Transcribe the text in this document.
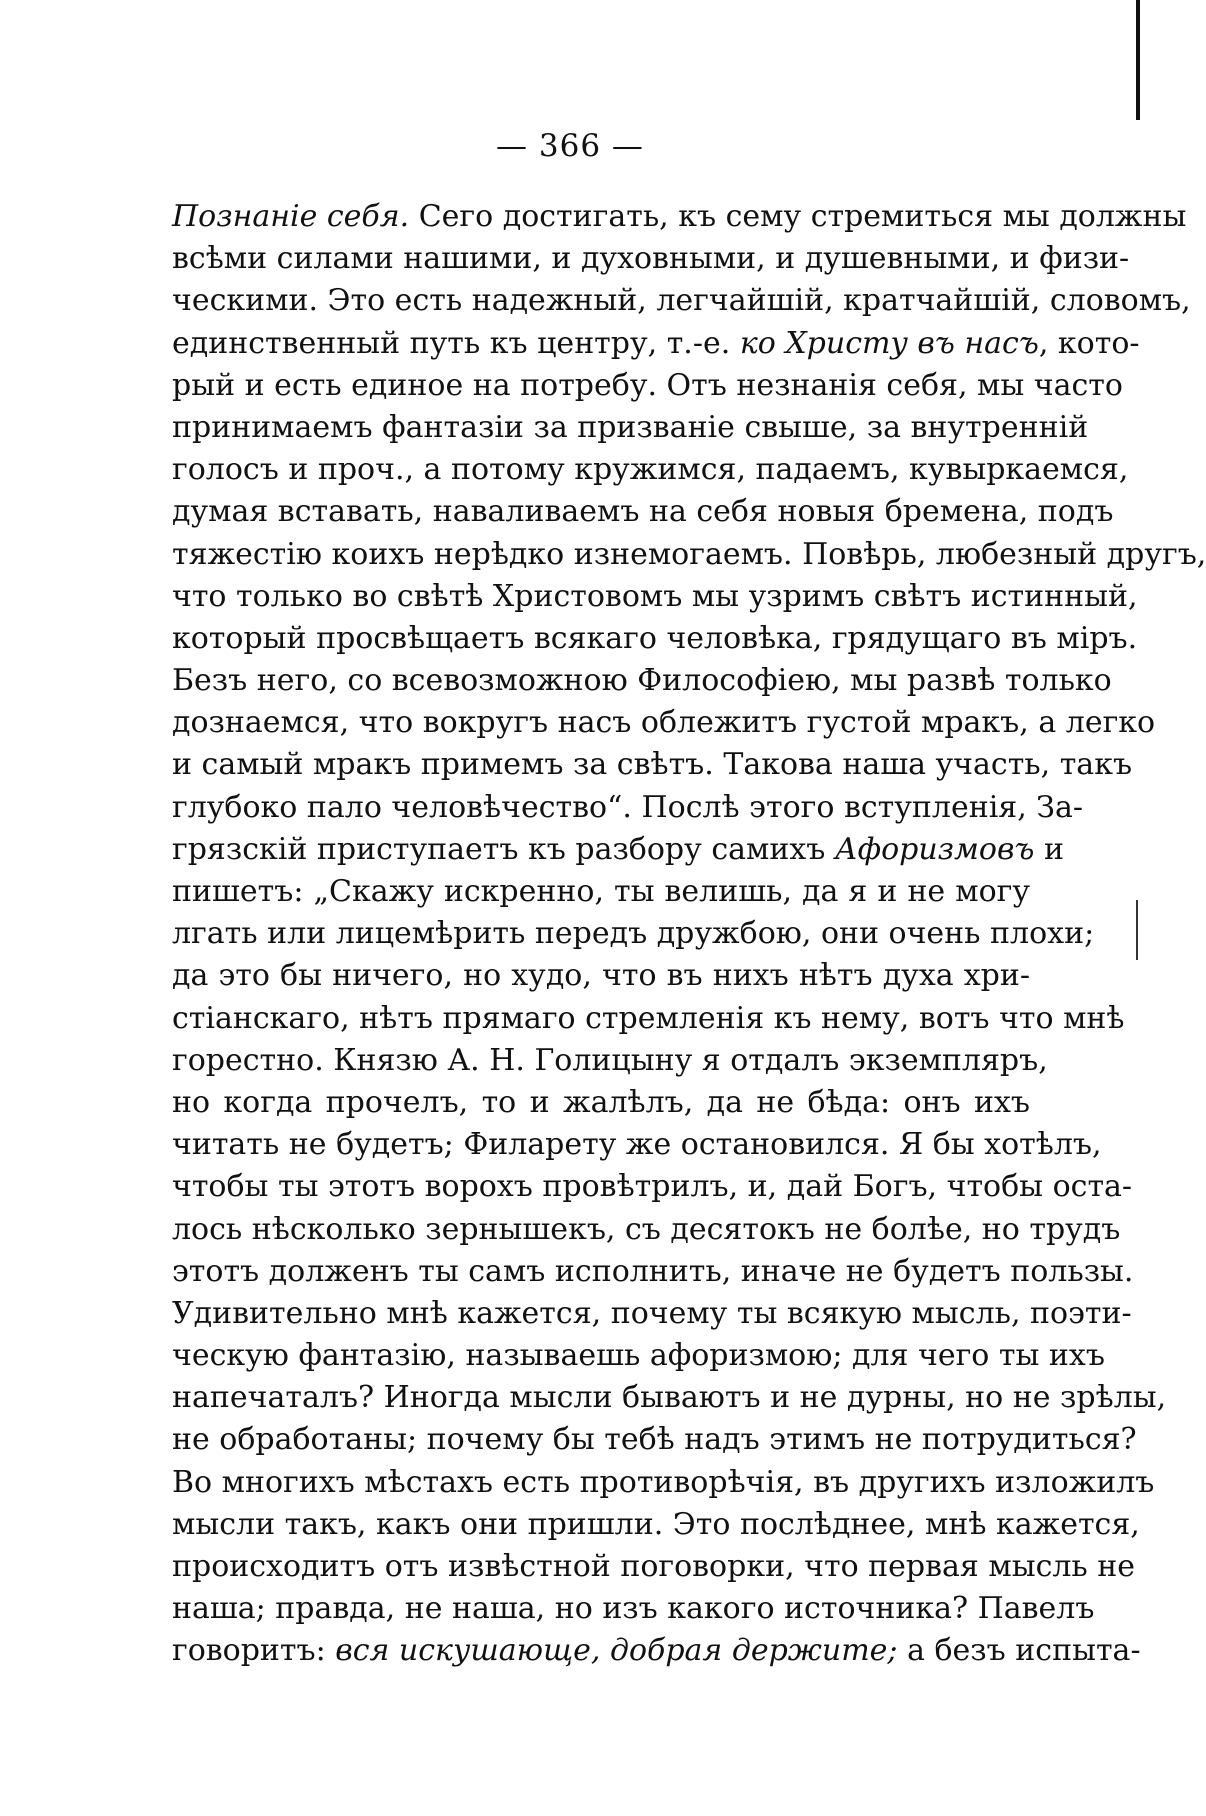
— 366 —
Познаніе себя. Сего достигать, къ сему стремиться мы должны
всѣми силами нашими, и духовными, и душевными, и физи-
ческими. Это есть надежный, легчайшій, кратчайшій, словомъ,
единственный путь къ центру, т.-е. ко Христу въ насъ, кото-
рый и есть единое на потребу. Отъ незнанія себя, мы часто
принимаемъ фантазіи за призваніе свыше, за внутренній
голосъ и проч., а потому кружимся, падаемъ, кувыркаемся,
думая вставать, наваливаемъ на себя новыя бремена, подъ
тяжестію коихъ нерѣдко изнемогаемъ. Повѣрь, любезный другъ,
что только во свѣтѣ Христовомъ мы узримъ свѣтъ истинный,
который просвѣщаетъ всякаго человѣка, грядущаго въ міръ.
Безъ него, со всевозможною Философіею, мы развѣ только
дознаемся, что вокругъ насъ облежитъ густой мракъ, а легко
и самый мракъ примемъ за свѣтъ. Такова наша участь, такъ
глубоко пало человѣчество“. Послѣ этого вступленія, За-
грязскій приступаетъ къ разбору самихъ Афоризмовъ и
пишетъ: „Скажу искренно, ты велишь, да я и не могу
лгать или лицемѣрить передъ дружбою, они очень плохи;
да это бы ничего, но худо, что въ нихъ нѣтъ духа хри-
стіанскаго, нѣтъ прямаго стремленія къ нему, вотъ что мнѣ
горестно. Князю А. Н. Голицыну я отдалъ экземпляръ,
но когда прочелъ, то и жалѣлъ, да не бѣда: онъ ихъ
читать не будетъ; Филарету же остановился. Я бы хотѣлъ,
чтобы ты этотъ ворохъ провѣтрилъ, и, дай Богъ, чтобы оста-
лось нѣсколько зернышекъ, съ десятокъ не болѣе, но трудъ
этотъ долженъ ты самъ исполнить, иначе не будетъ пользы.
Удивительно мнѣ кажется, почему ты всякую мысль, поэти-
ческую фантазію, называешь афоризмою; для чего ты ихъ
напечаталъ? Иногда мысли бываютъ и не дурны, но не зрѣлы,
не обработаны; почему бы тебѣ надъ этимъ не потрудиться?
Во многихъ мѣстахъ есть противорѣчія, въ другихъ изложилъ
мысли такъ, какъ они пришли. Это послѣднее, мнѣ кажется,
происходитъ отъ извѣстной поговорки, что первая мысль не
наша; правда, не наша, но изъ какого источника? Павелъ
говоритъ: вся искушающе, добрая держите; а безъ испыта-
